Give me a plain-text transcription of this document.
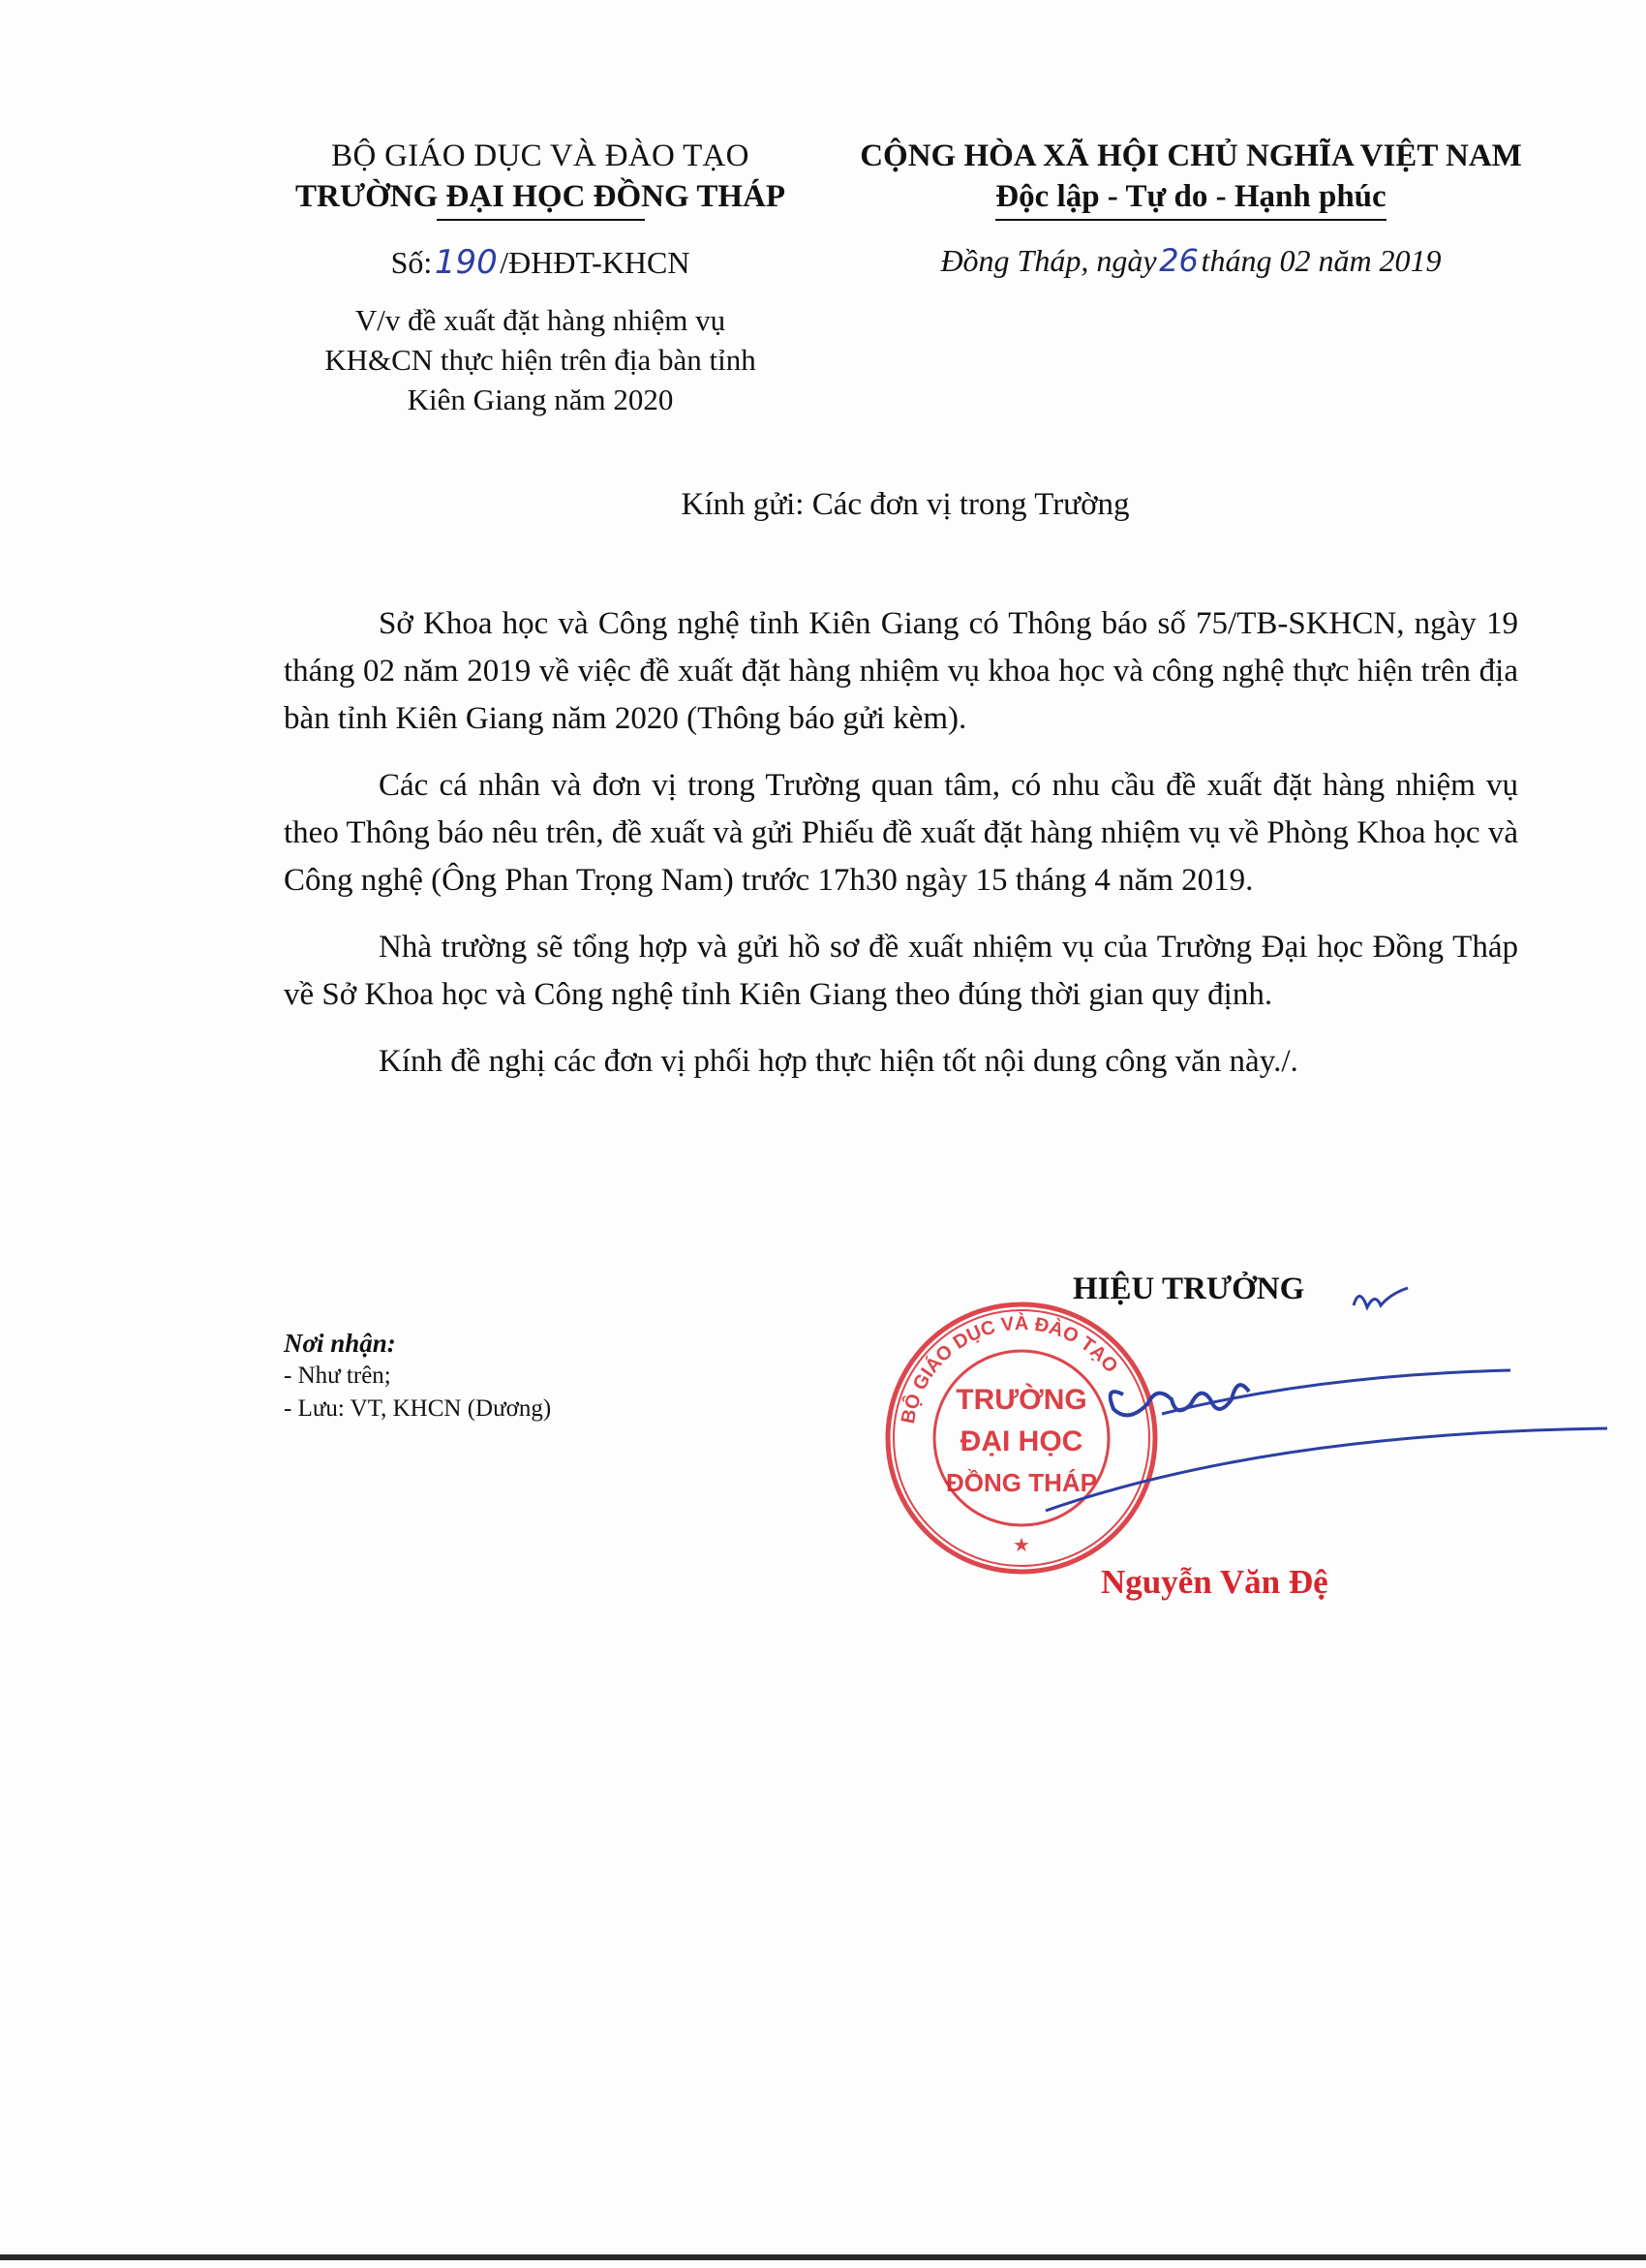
BỘ GIÁO DỤC VÀ ĐÀO TẠO
TRƯỜNG ĐẠI HỌC ĐỒNG THÁP
Số:190/ĐHĐT-KHCN
V/v đề xuất đặt hàng nhiệm vụ
KH&CN thực hiện trên địa bàn tỉnh
Kiên Giang năm 2020
CỘNG HÒA XÃ HỘI CHỦ NGHĨA VIỆT NAM
Độc lập - Tự do - Hạnh phúc
Đồng Tháp, ngày26tháng 02 năm 2019
Kính gửi: Các đơn vị trong Trường

Sở Khoa học và Công nghệ tỉnh Kiên Giang có Thông báo số 75/TB-SKHCN, ngày 19 tháng 02 năm 2019 về việc đề xuất đặt hàng nhiệm vụ khoa học và công nghệ thực hiện trên địa bàn tỉnh Kiên Giang năm 2020 (Thông báo gửi kèm).

Các cá nhân và đơn vị trong Trường quan tâm, có nhu cầu đề xuất đặt hàng nhiệm vụ theo Thông báo nêu trên, đề xuất và gửi Phiếu đề xuất đặt hàng nhiệm vụ về Phòng Khoa học và Công nghệ (Ông Phan Trọng Nam) trước 17h30 ngày 15 tháng 4 năm 2019.

Nhà trường sẽ tổng hợp và gửi hồ sơ đề xuất nhiệm vụ của Trường Đại học Đồng Tháp về Sở Khoa học và Công nghệ tỉnh Kiên Giang theo đúng thời gian quy định.

Kính đề nghị các đơn vị phối hợp thực hiện tốt nội dung công văn này./.

Nơi nhận:
- Như trên;
- Lưu: VT, KHCN (Dương)	BỘ GIÁO DỤC VÀ ĐÀO TẠO
TRƯỜNG
ĐẠI HỌC
ĐỒNG THÁP
★
HIỆU TRƯỞNG
Nguyễn Văn Đệ
